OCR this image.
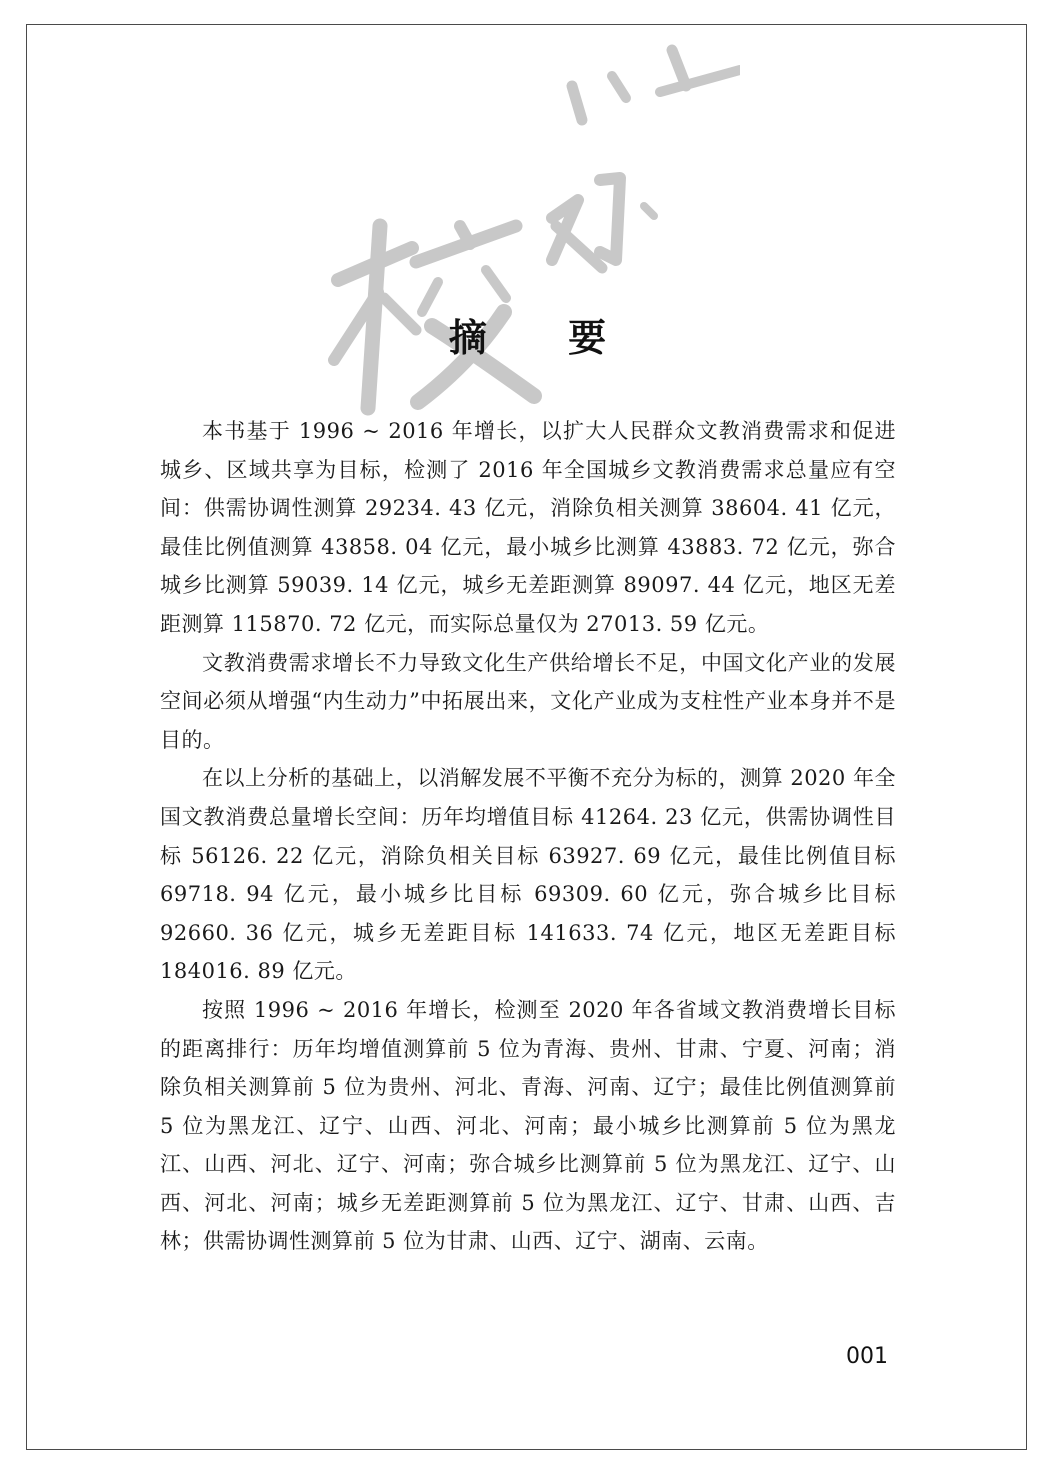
摘 要

本书基于 1996 ~ 2016 年增长，以扩大人民群众文教消费需求和促进城乡、区域共享为目标，检测了 2016 年全国城乡文教消费需求总量应有空间：供需协调性测算 29234. 43 亿元，消除负相关测算 38604. 41 亿元，最佳比例值测算 43858. 04 亿元，最小城乡比测算 43883. 72 亿元，弥合城乡比测算 59039. 14 亿元，城乡无差距测算 89097. 44 亿元，地区无差距测算 115870. 72 亿元，而实际总量仅为 27013. 59 亿元。

文教消费需求增长不力导致文化生产供给增长不足，中国文化产业的发展空间必须从增强“内生动力”中拓展出来，文化产业成为支柱性产业本身并不是目的。

在以上分析的基础上，以消解发展不平衡不充分为标的，测算 2020 年全国文教消费总量增长空间：历年均增值目标 41264. 23 亿元，供需协调性目标 56126. 22 亿元，消除负相关目标 63927. 69 亿元，最佳比例值目标 69718. 94 亿元，最小城乡比目标 69309. 60 亿元，弥合城乡比目标 92660. 36 亿元，城乡无差距目标 141633. 74 亿元，地区无差距目标 184016. 89 亿元。

按照 1996 ~ 2016 年增长，检测至 2020 年各省域文教消费增长目标的距离排行：历年均增值测算前 5 位为青海、贵州、甘肃、宁夏、河南；消除负相关测算前 5 位为贵州、河北、青海、河南、辽宁；最佳比例值测算前 5 位为黑龙江、辽宁、山西、河北、河南；最小城乡比测算前 5 位为黑龙江、山西、河北、辽宁、河南；弥合城乡比测算前 5 位为黑龙江、辽宁、山西、河北、河南；城乡无差距测算前 5 位为黑龙江、辽宁、甘肃、山西、吉林；供需协调性测算前 5 位为甘肃、山西、辽宁、湖南、云南。

001
